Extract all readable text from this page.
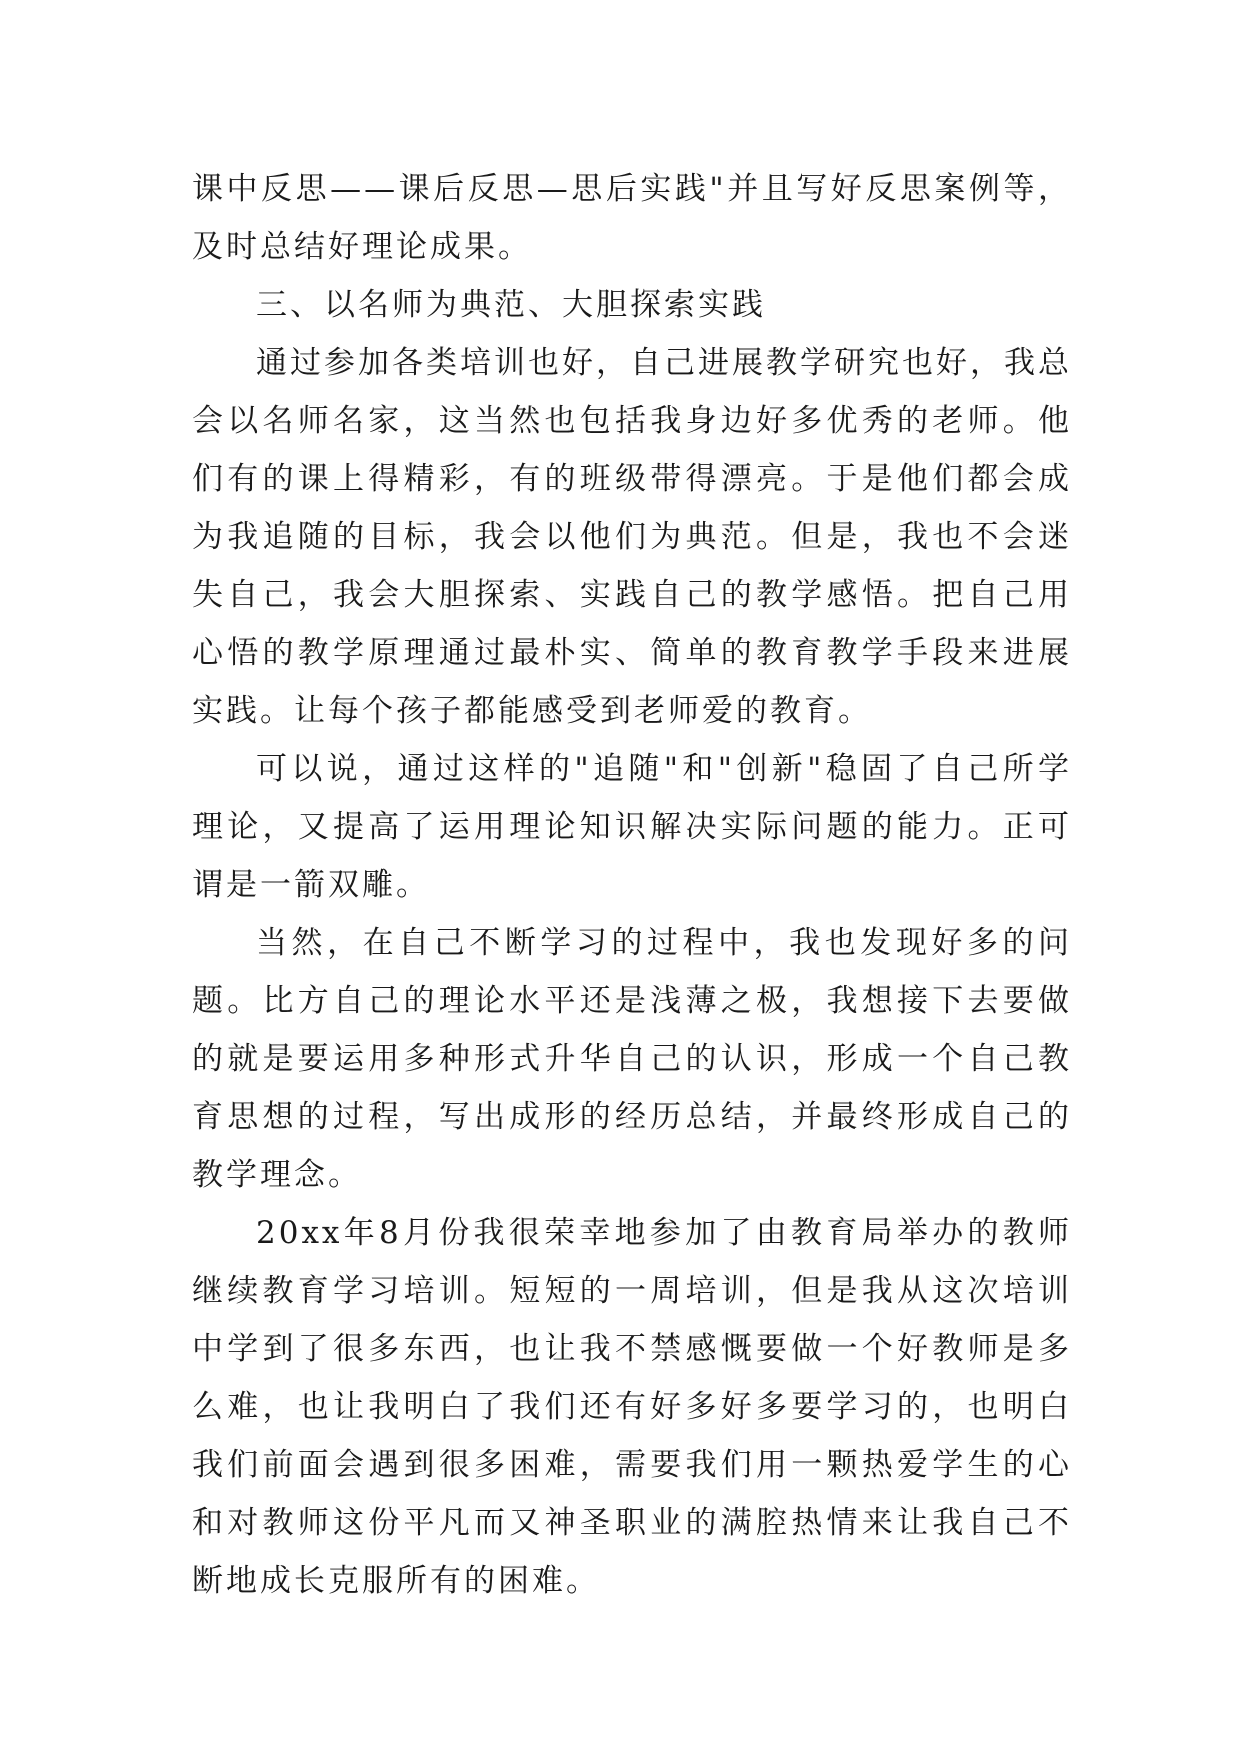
课中反思——课后反思—思后实践"并且写好反思案例等，及时总结好理论成果。

三、以名师为典范、大胆探索实践

通过参加各类培训也好，自己进展教学研究也好，我总会以名师名家，这当然也包括我身边好多优秀的老师。他们有的课上得精彩，有的班级带得漂亮。于是他们都会成为我追随的目标，我会以他们为典范。但是，我也不会迷失自己，我会大胆探索、实践自己的教学感悟。把自己用心悟的教学原理通过最朴实、简单的教育教学手段来进展实践。让每个孩子都能感受到老师爱的教育。

可以说，通过这样的"追随"和"创新"稳固了自己所学理论，又提高了运用理论知识解决实际问题的能力。正可谓是一箭双雕。

当然，在自己不断学习的过程中，我也发现好多的问题。比方自己的理论水平还是浅薄之极，我想接下去要做的就是要运用多种形式升华自己的认识，形成一个自己教育思想的过程，写出成形的经历总结，并最终形成自己的教学理念。

20xx年8月份我很荣幸地参加了由教育局举办的教师继续教育学习培训。短短的一周培训，但是我从这次培训中学到了很多东西，也让我不禁感慨要做一个好教师是多么难，也让我明白了我们还有好多好多要学习的，也明白我们前面会遇到很多困难，需要我们用一颗热爱学生的心和对教师这份平凡而又神圣职业的满腔热情来让我自己不断地成长克服所有的困难。
